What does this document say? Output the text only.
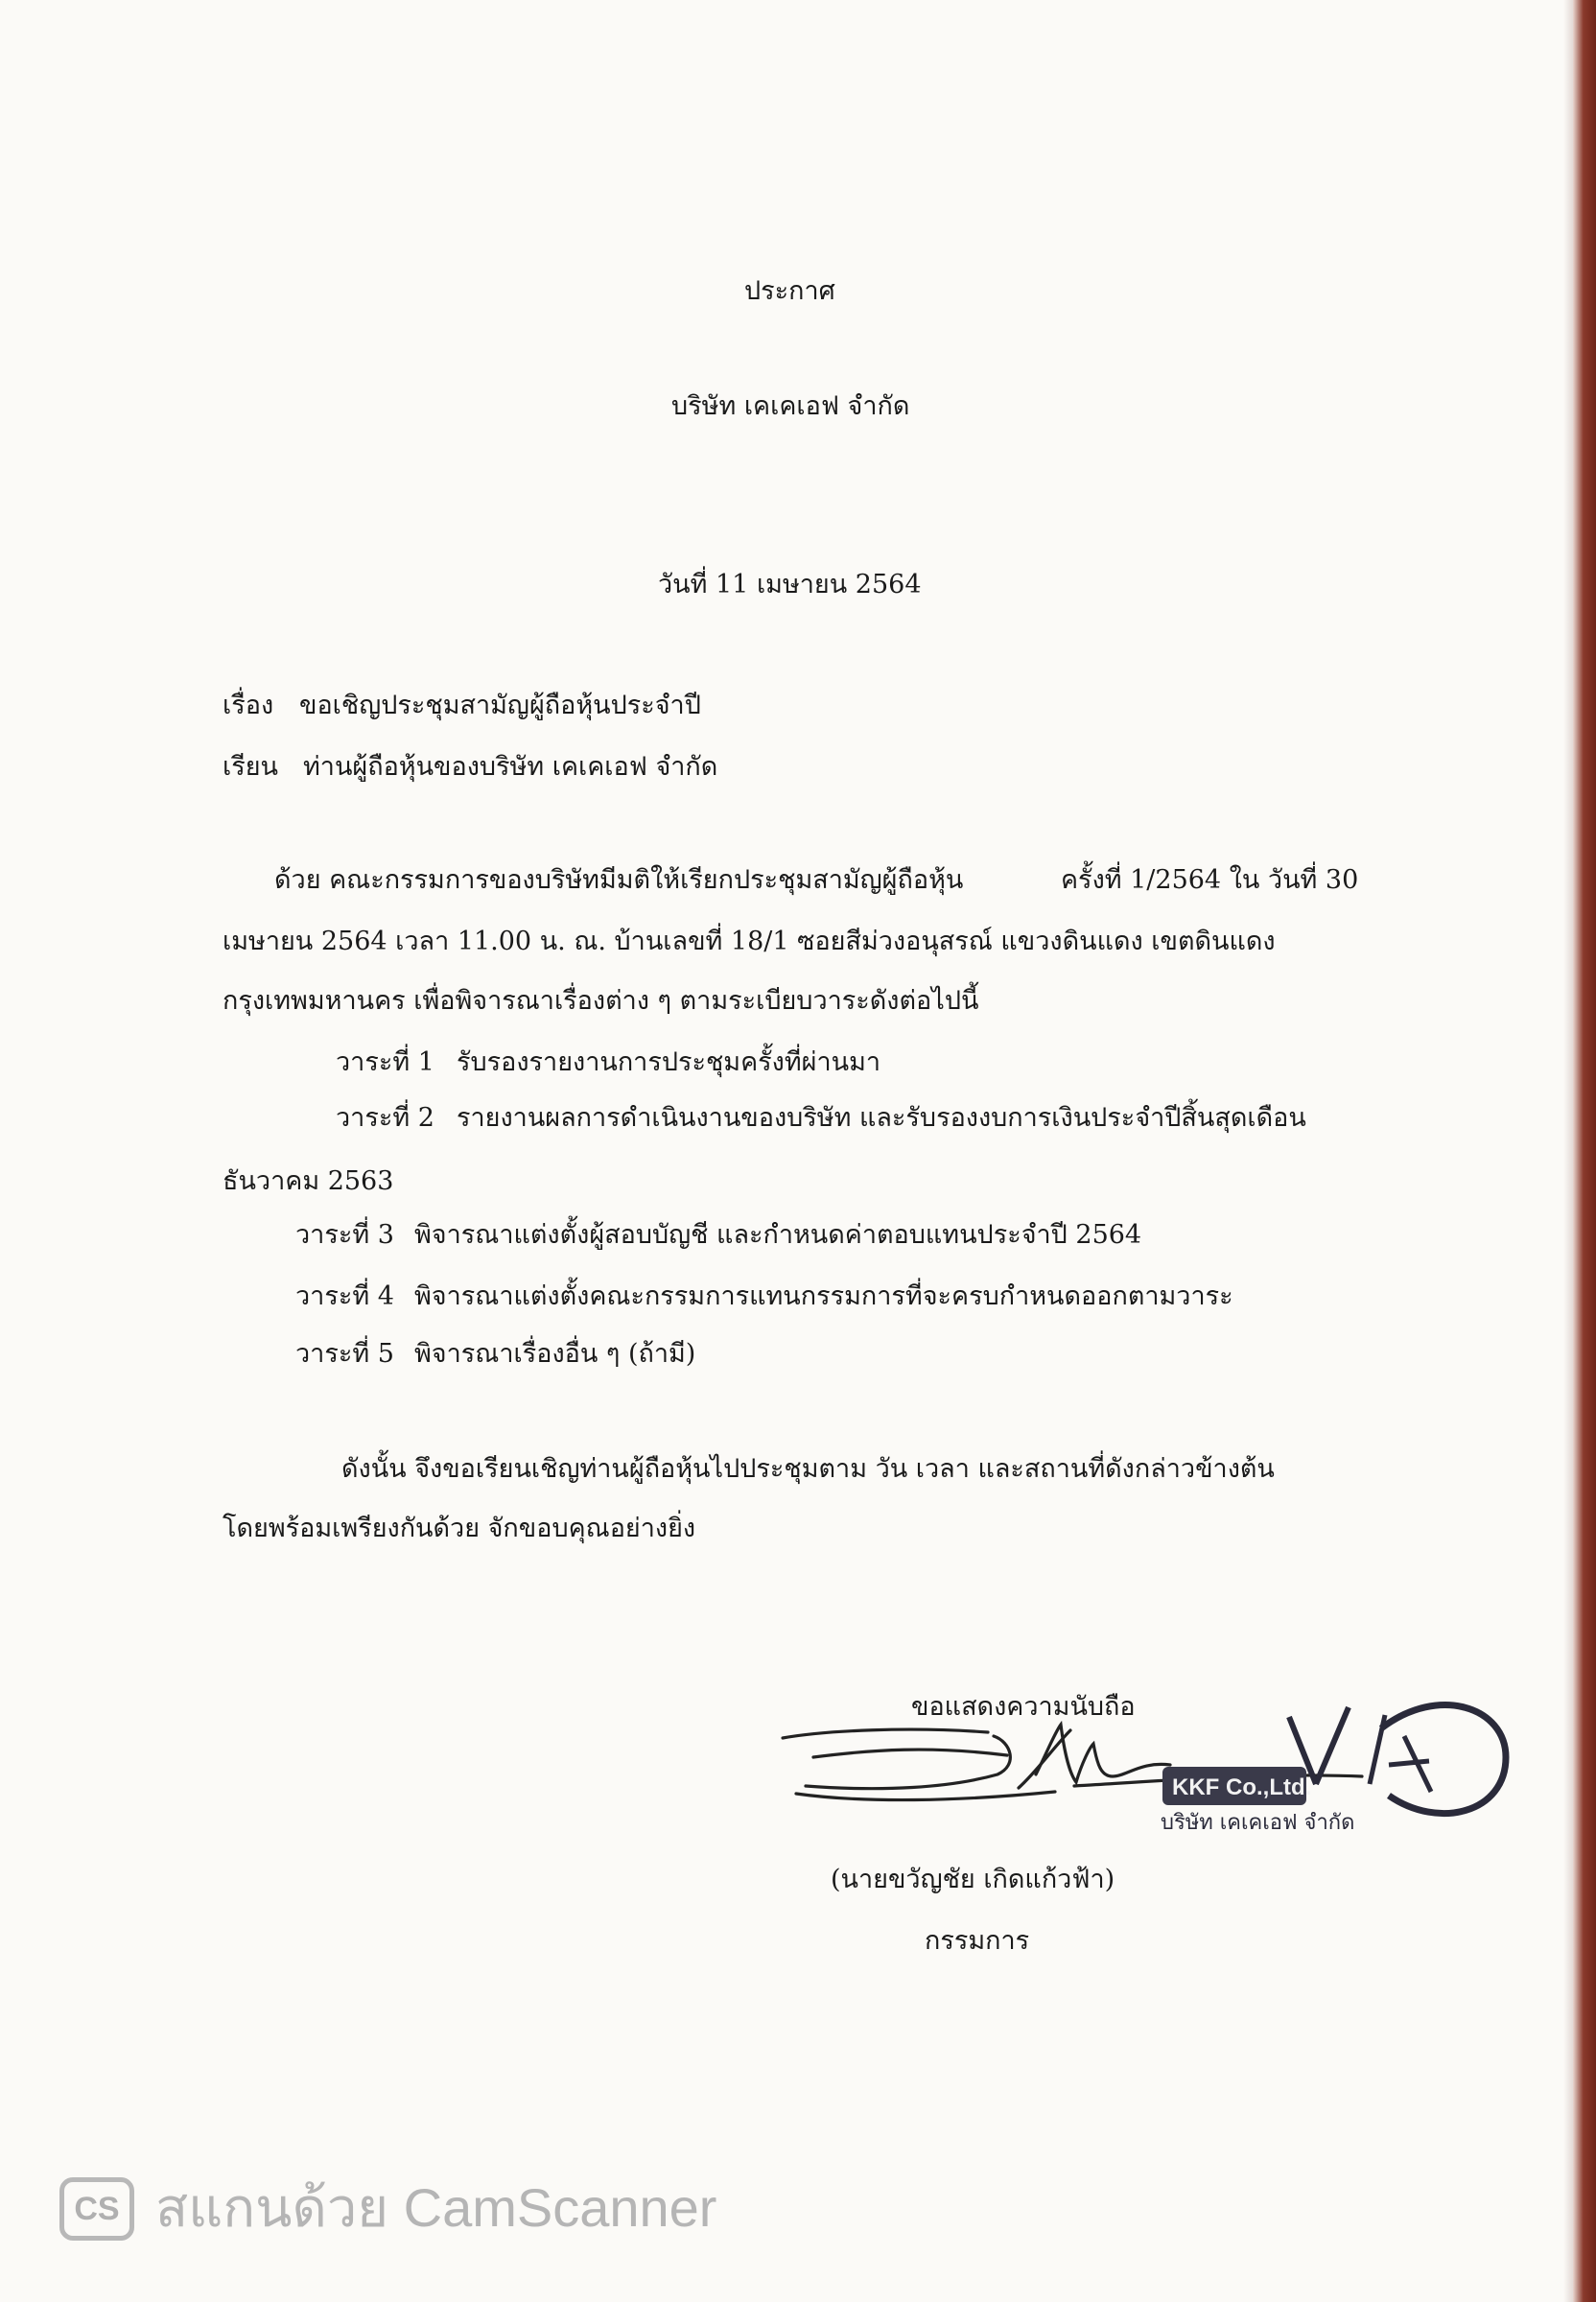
ประกาศ
บริษัท เคเคเอฟ จำกัด
วันที่ 11 เมษายน 2564
เรื่อง ขอเชิญประชุมสามัญผู้ถือหุ้นประจำปี
เรียน ท่านผู้ถือหุ้นของบริษัท เคเคเอฟ จำกัด
ด้วย คณะกรรมการของบริษัทมีมติให้เรียกประชุมสามัญผู้ถือหุ้น	ครั้งที่ 1/2564 ใน วันที่ 30
เมษายน 2564 เวลา 11.00 น. ณ. บ้านเลขที่ 18/1 ซอยสีม่วงอนุสรณ์ แขวงดินแดง เขตดินแดง
กรุงเทพมหานคร เพื่อพิจารณาเรื่องต่าง ๆ ตามระเบียบวาระดังต่อไปนี้
วาระที่ 1 รับรองรายงานการประชุมครั้งที่ผ่านมา
วาระที่ 2 รายงานผลการดำเนินงานของบริษัท และรับรองงบการเงินประจำปีสิ้นสุดเดือน
ธันวาคม 2563
วาระที่ 3 พิจารณาแต่งตั้งผู้สอบบัญชี และกำหนดค่าตอบแทนประจำปี 2564
วาระที่ 4 พิจารณาแต่งตั้งคณะกรรมการแทนกรรมการที่จะครบกำหนดออกตามวาระ
วาระที่ 5 พิจารณาเรื่องอื่น ๆ (ถ้ามี)
ดังนั้น จึงขอเรียนเชิญท่านผู้ถือหุ้นไปประชุมตาม วัน เวลา และสถานที่ดังกล่าวข้างต้น
โดยพร้อมเพรียงกันด้วย จักขอบคุณอย่างยิ่ง
ขอแสดงความนับถือ
KKF Co.,Ltd.
บริษัท เคเคเอฟ จำกัด
(นายขวัญชัย เกิดแก้วฟ้า)
กรรมการ
CS สแกนด้วย CamScanner
